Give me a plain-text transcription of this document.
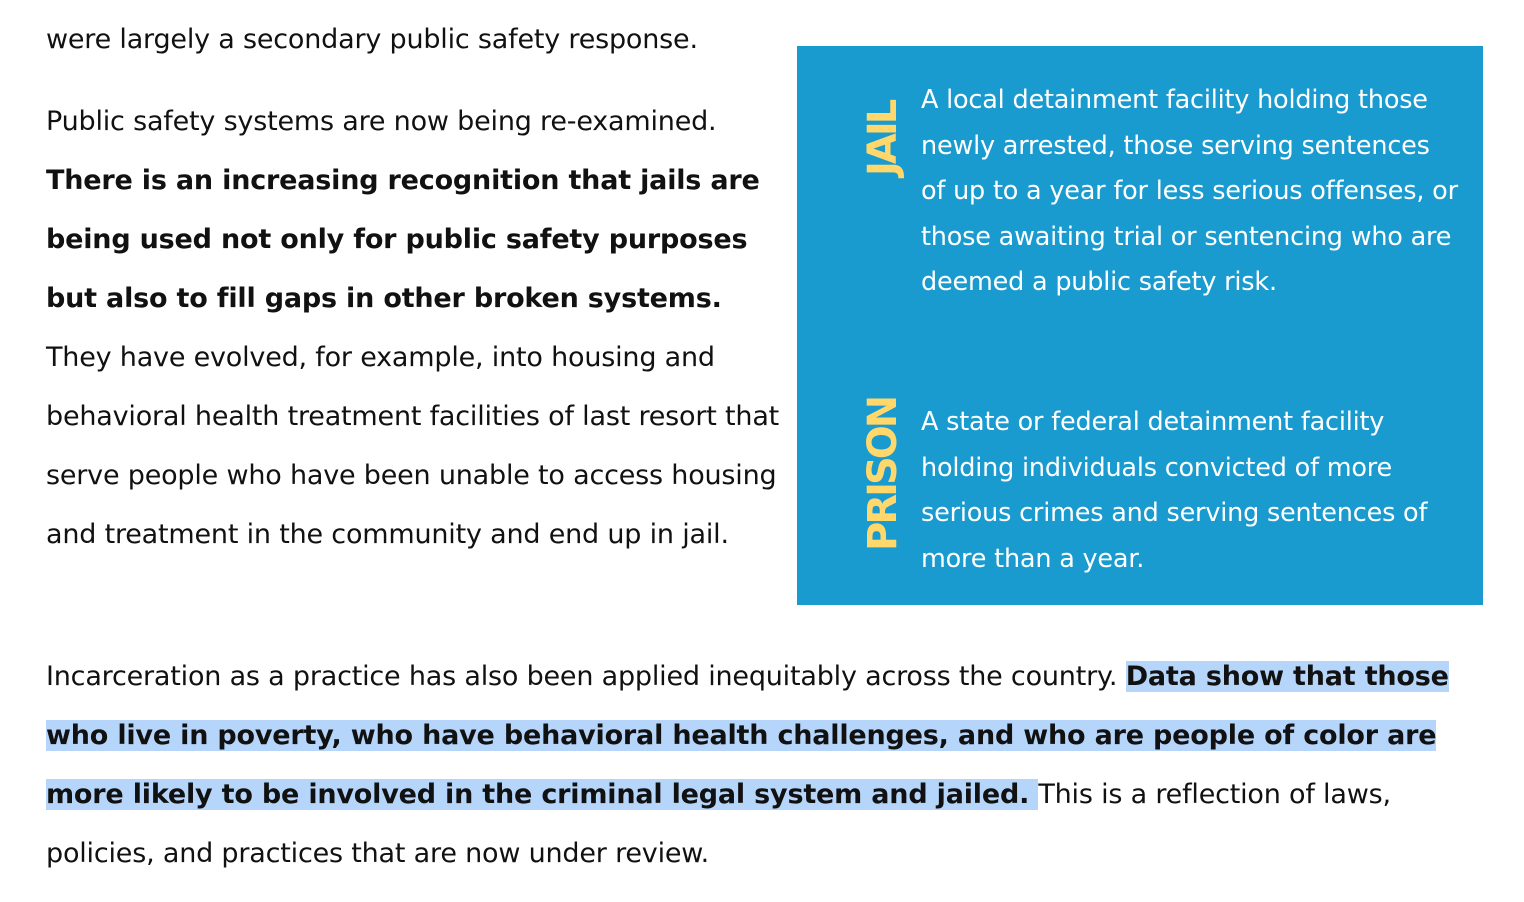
were largely a secondary public safety response.

Public safety systems are now being re-examined. There is an increasing recognition that jails are being used not only for public safety purposes but also to fill gaps in other broken systems. They have evolved, for example, into housing and behavioral health treatment facilities of last resort that serve people who have been unable to access housing and treatment in the community and end up in jail.

JAIL

A local detainment facility holding those newly arrested, those serving sentences of up to a year for less serious offenses, or those awaiting trial or sentencing who are deemed a public safety risk.

PRISON A state or federal detainment facility holding individuals convicted of more serious crimes and serving sentences of more than a year.

Incarceration as a practice has also been applied inequitably across the country. Data show that those who live in poverty, who have behavioral health challenges, and who are people of color are more likely to be involved in the criminal legal system and jailed. This is a reflection of laws, policies, and practices that are now under review.
